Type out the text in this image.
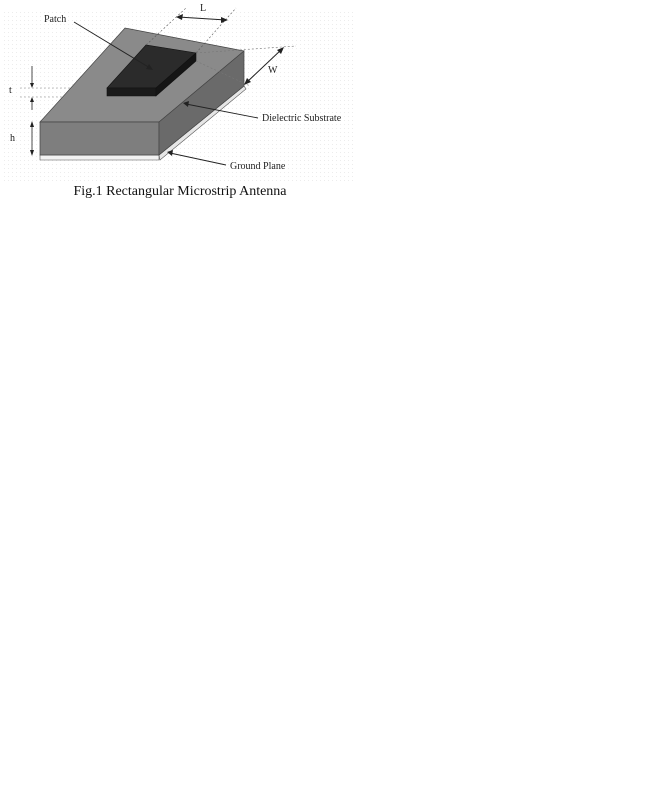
L
W
t
h
Patch
Dielectric Substrate
Ground Plane
Fig.1 Rectangular Microstrip Antenna
